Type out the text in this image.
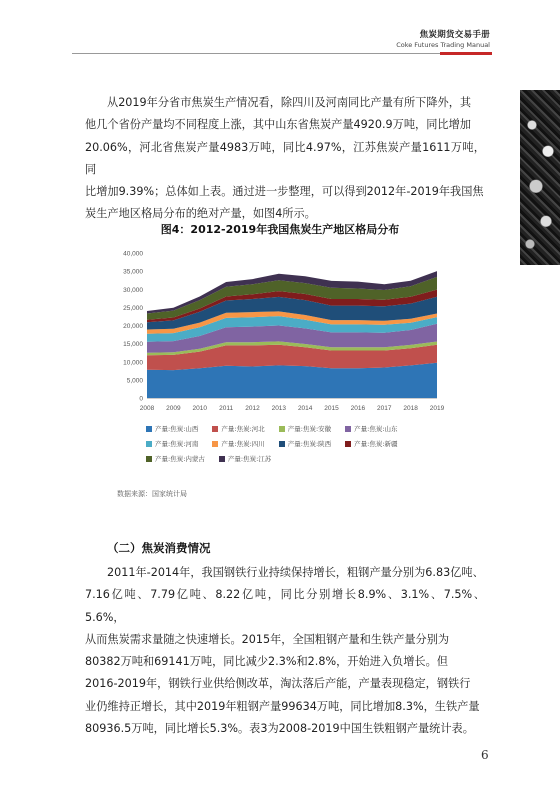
焦炭期货交易手册
Coke Futures Trading Manual
从2019年分省市焦炭生产情况看，除四川及河南同比产量有所下降外，其
他几个省份产量均不同程度上涨，其中山东省焦炭产量4920.9万吨，同比增加
20.06%，河北省焦炭产量4983万吨，同比4.97%，江苏焦炭产量1611万吨，同
比增加9.39%；总体如上表。通过进一步整理，可以得到2012年-2019年我国焦
炭生产地区格局分布的绝对产量，如图4所示。
图4：2012-2019年我国焦炭生产地区格局分布
0
5,000
10,000
15,000
20,000
25,000
30,000
35,000
40,000
2008 2009 2010 2011 2012 2013 2014 2015 2016 2017 2018 2019
产量:焦炭:山西	产量:焦炭:河北	产量:焦炭:安徽	产量:焦炭:山东
产量:焦炭:河南	产量:焦炭:四川	产量:焦炭:陕西	产量:焦炭:新疆
产量:焦炭:内蒙古	产量:焦炭:江苏
数据来源：国家统计局
（二）焦炭消费情况
2011年-2014年，我国钢铁行业持续保持增长，粗钢产量分别为6.83亿吨、
7.16亿吨、7.79亿吨、8.22亿吨，同比分别增长8.9%、3.1%、7.5%、5.6%，
从而焦炭需求量随之快速增长。2015年，全国粗钢产量和生铁产量分别为
80382万吨和69141万吨，同比减少2.3%和2.8%，开始进入负增长。但
2016-2019年，钢铁行业供给侧改革，淘汰落后产能，产量表现稳定，钢铁行
业仍维持正增长，其中2019年粗钢产量99634万吨，同比增加8.3%，生铁产量
80936.5万吨，同比增长5.3%。表3为2008-2019中国生铁粗钢产量统计表。
6
